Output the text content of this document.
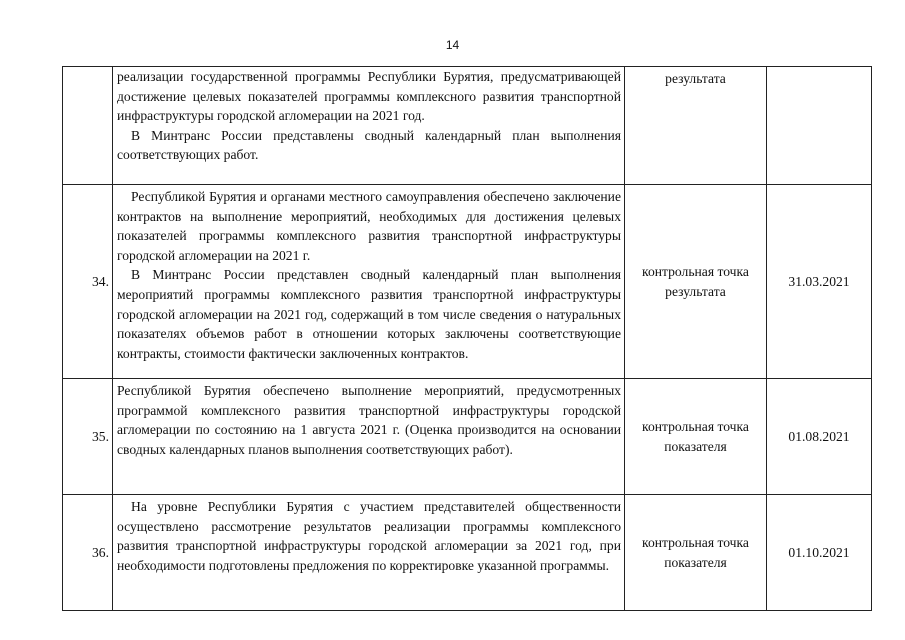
14

	реализации государственной программы Республики Бурятия, предусматривающей достижение целевых показателей программы комплексного развития транспортной инфраструктуры городской агломерации на 2021 год.

В Минтранс России представлены сводный календарный план выполнения соответствующих работ.	результата	
34.	Республикой Бурятия и органами местного самоуправления обеспечено заключение контрактов на выполнение мероприятий, необходимых для достижения целевых показателей программы комплексного развития транспортной инфраструктуры городской агломерации на 2021 г.

В Минтранс России представлен сводный календарный план выполнения мероприятий программы комплексного развития транспортной инфраструктуры городской агломерации на 2021 год, содержащий в том числе сведения о натуральных показателях объемов работ в отношении которых заключены соответствующие контракты, стоимости фактически заключенных контрактов.	контрольная точка результата	31.03.2021
35.	Республикой Бурятия обеспечено выполнение мероприятий, предусмотренных программой комплексного развития транспортной инфраструктуры городской агломерации по состоянию на 1 августа 2021 г. (Оценка производится на основании сводных календарных планов выполнения соответствующих работ).	контрольная точка показателя	01.08.2021
36.	На уровне Республики Бурятия с участием представителей общественности осуществлено рассмотрение результатов реализации программы комплексного развития транспортной инфраструктуры городской агломерации за 2021 год, при необходимости подготовлены предложения по корректировке указанной программы.	контрольная точка показателя	01.10.2021
